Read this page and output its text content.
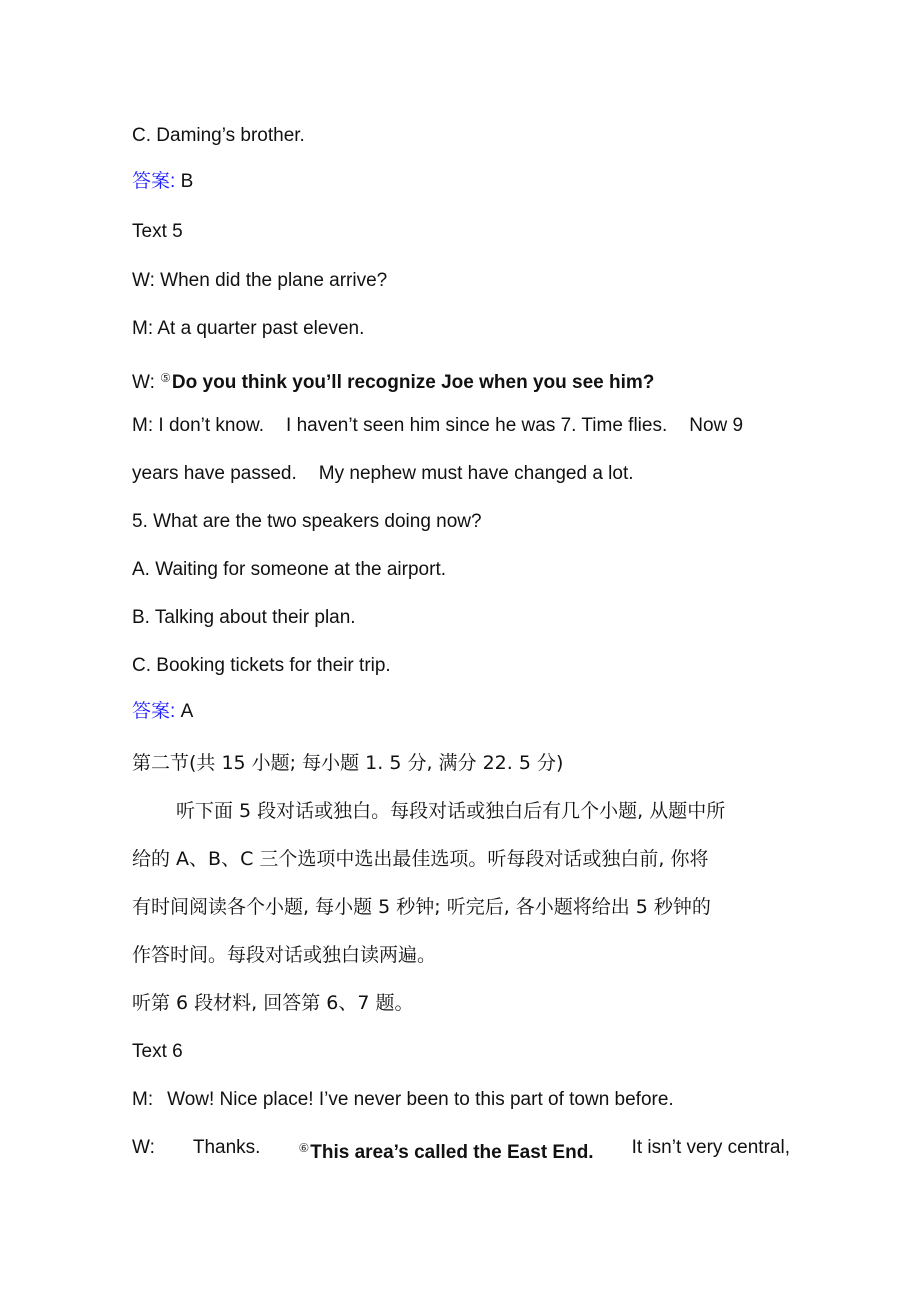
C. Daming’s brother.
答案: B
Text 5
W: When did the plane arrive?
M: At a quarter past eleven.
W: ⑤Do you think you’ll recognize Joe when you see him?
M: I don’t know. I haven’t seen him since he was 7. Time flies. Now 9
years have passed. My nephew must have changed a lot.
5. What are the two speakers doing now?
A. Waiting for someone at the airport.
B. Talking about their plan.
C. Booking tickets for their trip.
答案: A
第二节(共 15 小题; 每小题 1. 5 分, 满分 22. 5 分)
听下面 5 段对话或独白。每段对话或独白后有几个小题, 从题中所
给的 A、B、C 三个选项中选出最佳选项。听每段对话或独白前, 你将
有时间阅读各个小题, 每小题 5 秒钟; 听完后, 各小题将给出 5 秒钟的
作答时间。每段对话或独白读两遍。
听第 6 段材料, 回答第 6、7 题。
Text 6
M: Wow! Nice place! I’ve never been to this part of town before.
W: Thanks.	⑥This area’s called the East End. It isn’t very central,
